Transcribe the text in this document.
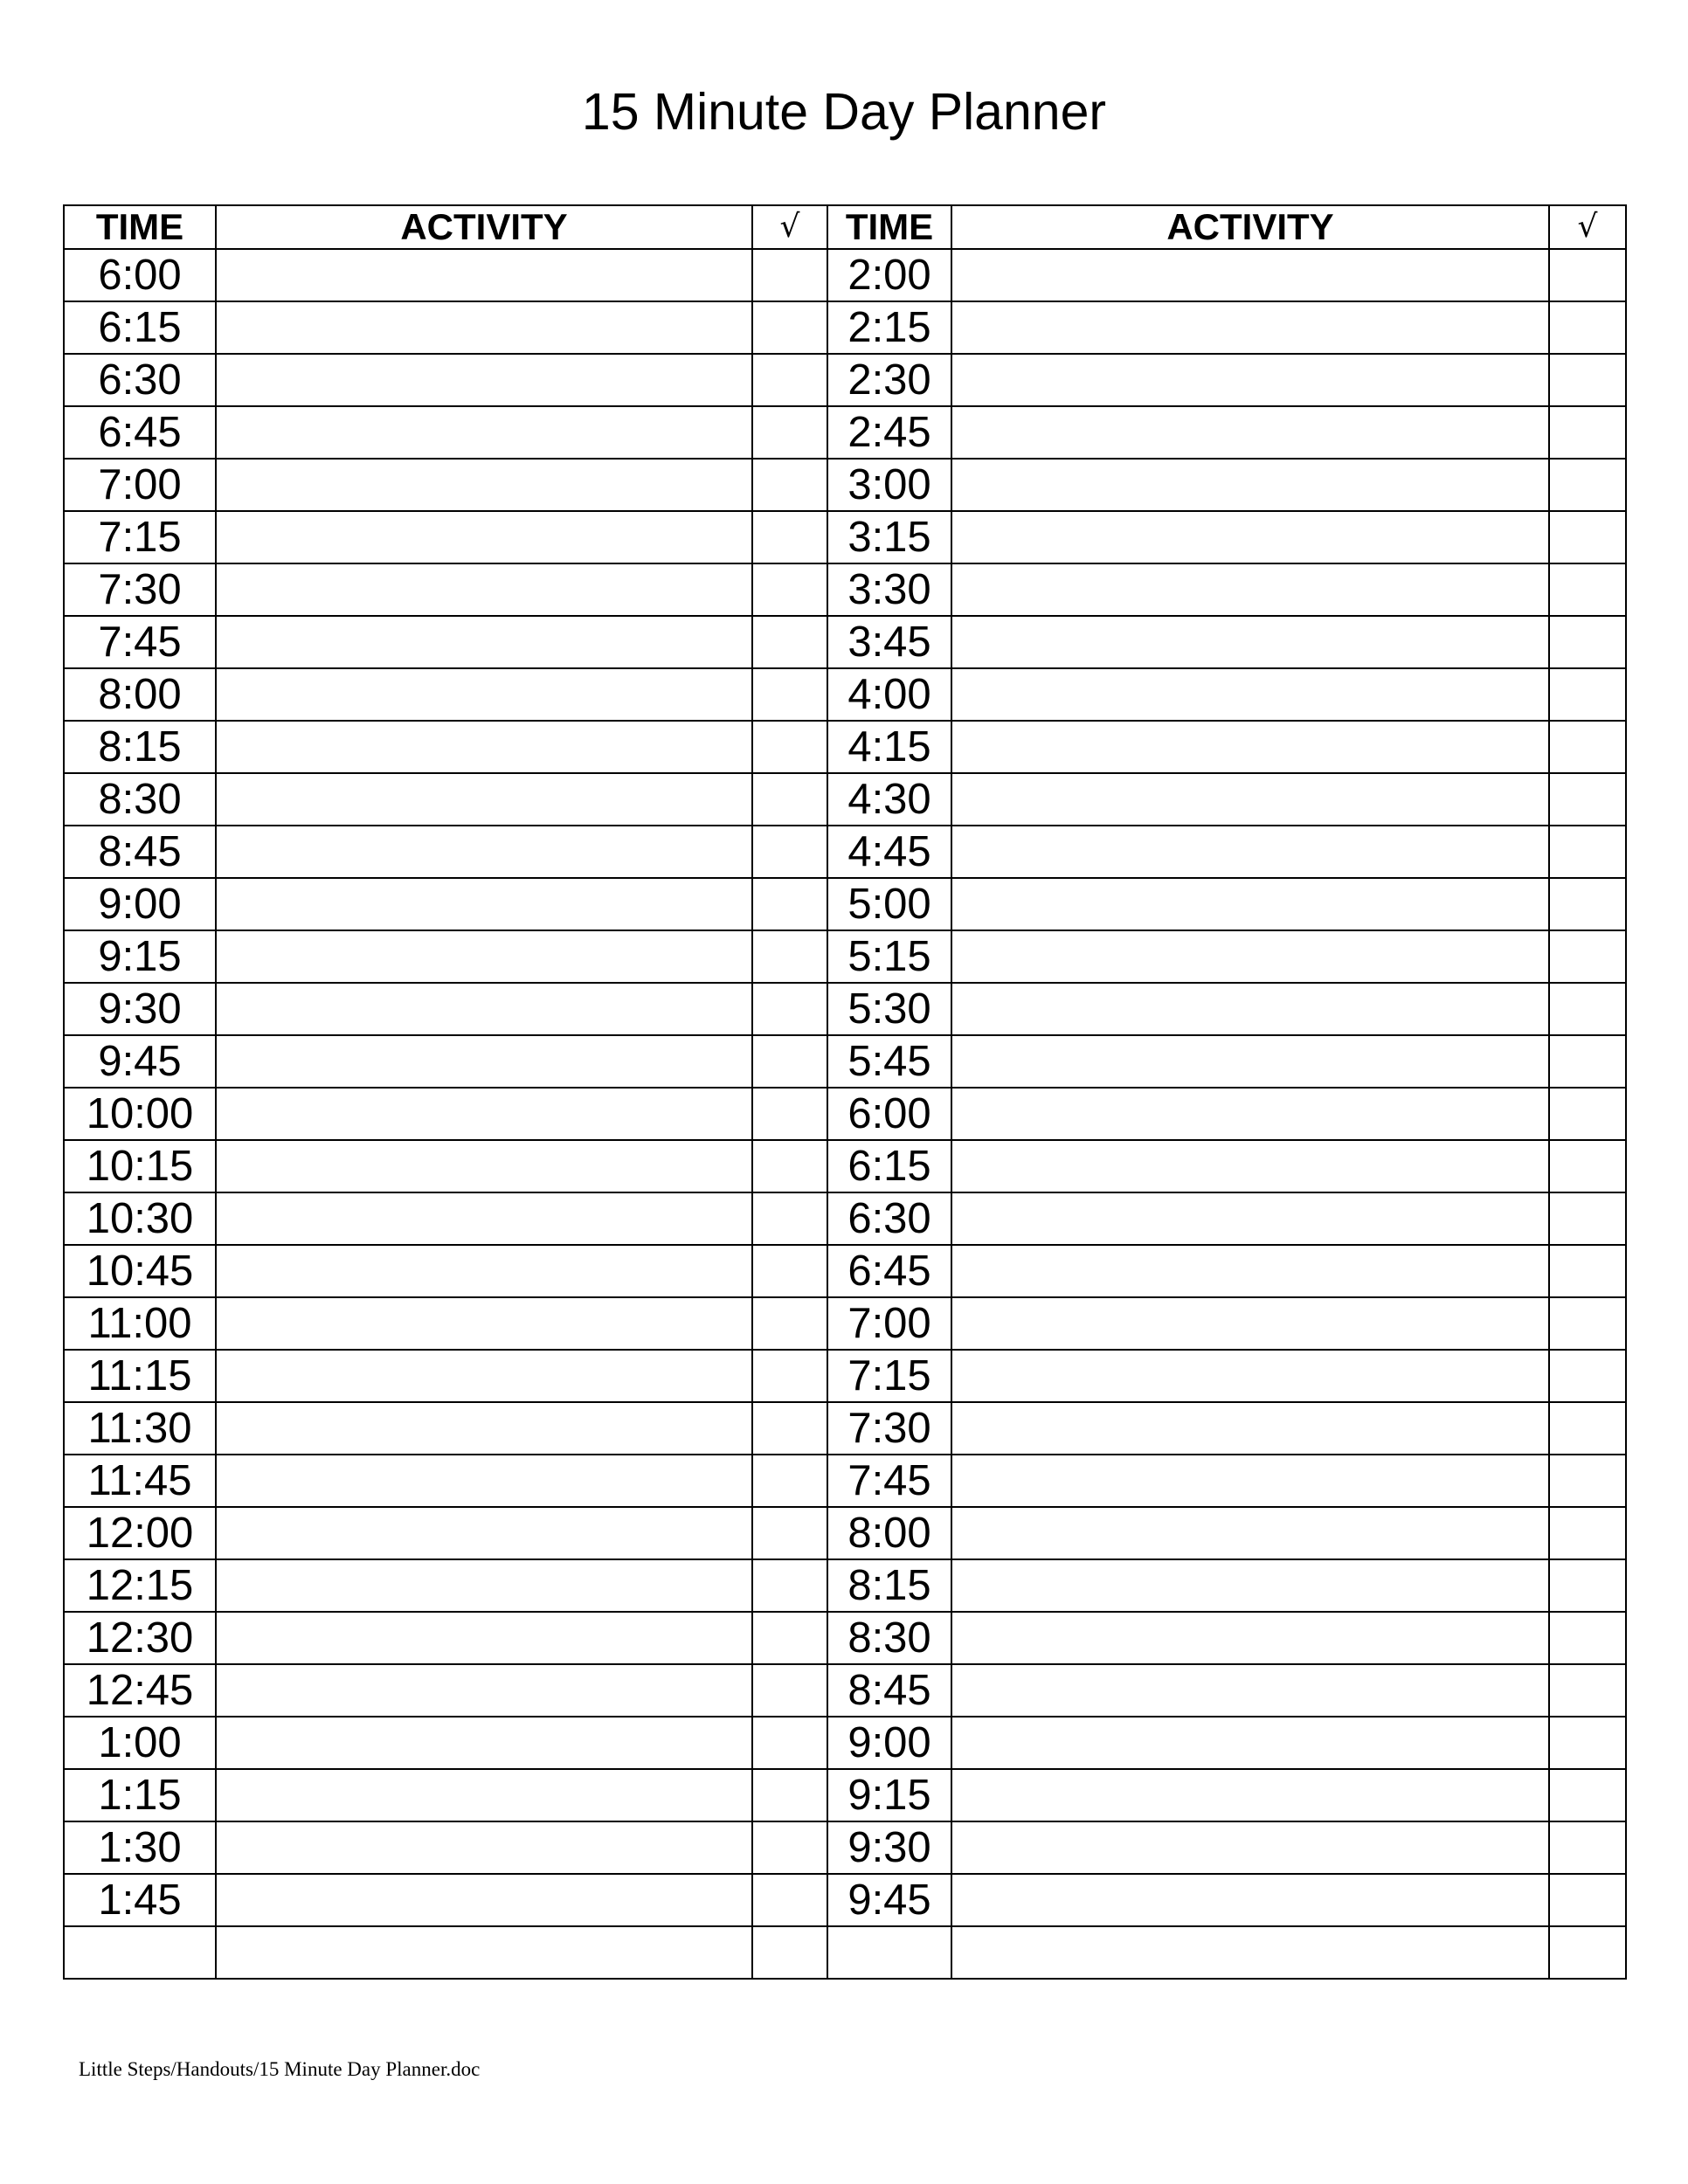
15 Minute Day Planner
TIME	ACTIVITY	√	TIME	ACTIVITY	√
6:00			2:00		
6:15			2:15		
6:30			2:30		
6:45			2:45		
7:00			3:00		
7:15			3:15		
7:30			3:30		
7:45			3:45		
8:00			4:00		
8:15			4:15		
8:30			4:30		
8:45			4:45		
9:00			5:00		
9:15			5:15		
9:30			5:30		
9:45			5:45		
10:00			6:00		
10:15			6:15		
10:30			6:30		
10:45			6:45		
11:00			7:00		
11:15			7:15		
11:30			7:30		
11:45			7:45		
12:00			8:00		
12:15			8:15		
12:30			8:30		
12:45			8:45		
1:00			9:00		
1:15			9:15		
1:30			9:30		
1:45			9:45		

Little Steps/Handouts/15 Minute Day Planner.doc
